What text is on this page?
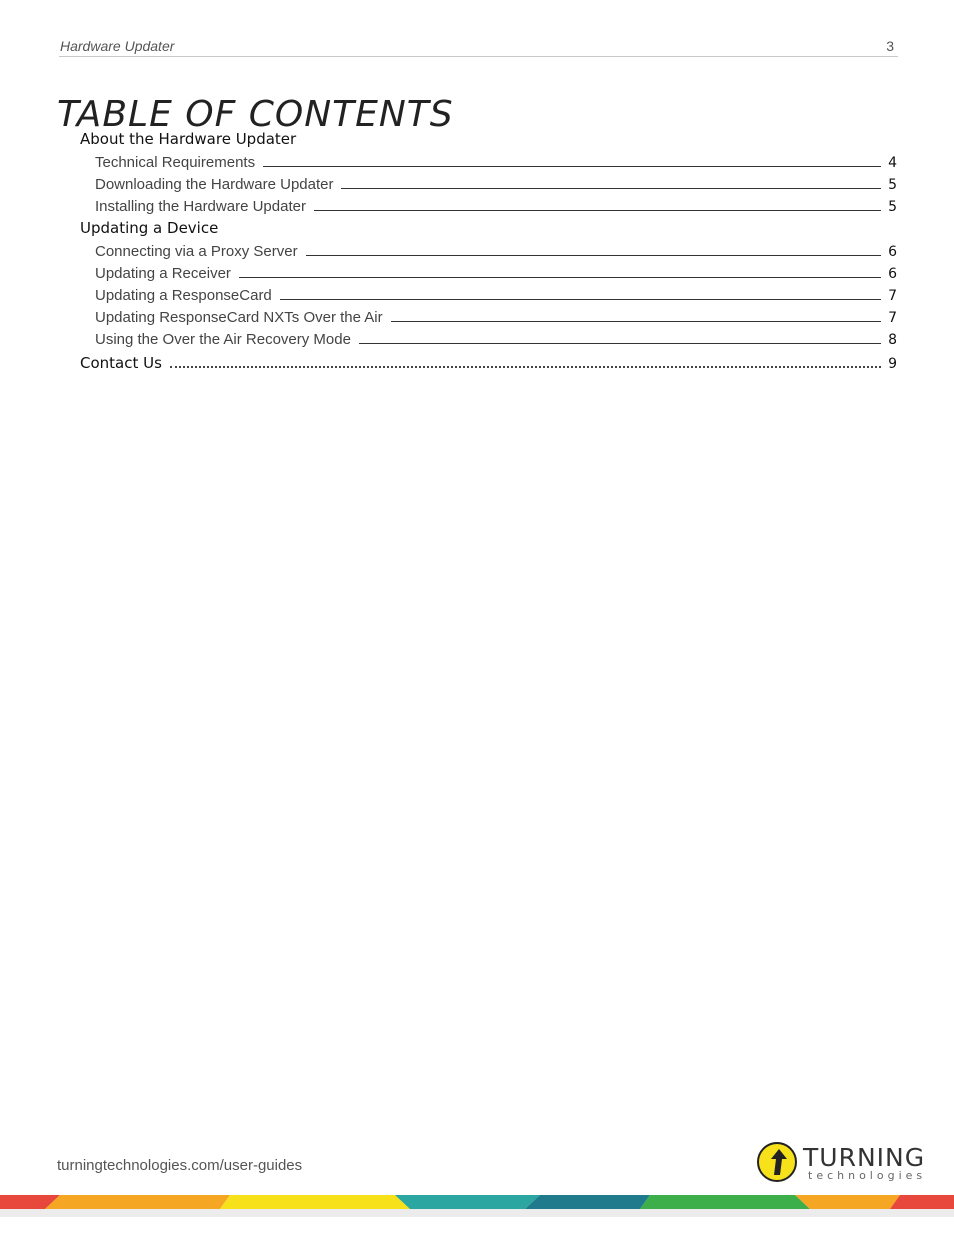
Hardware Updater	3
TABLE OF CONTENTS
About the Hardware Updater
Technical Requirements	4
Downloading the Hardware Updater	5
Installing the Hardware Updater	5
Updating a Device
Connecting via a Proxy Server	6
Updating a Receiver	6
Updating a ResponseCard	7
Updating ResponseCard NXTs Over the Air	7
Using the Over the Air Recovery Mode	8
Contact Us	9
turningtechnologies.com/user-guides	TURNING
technologies
